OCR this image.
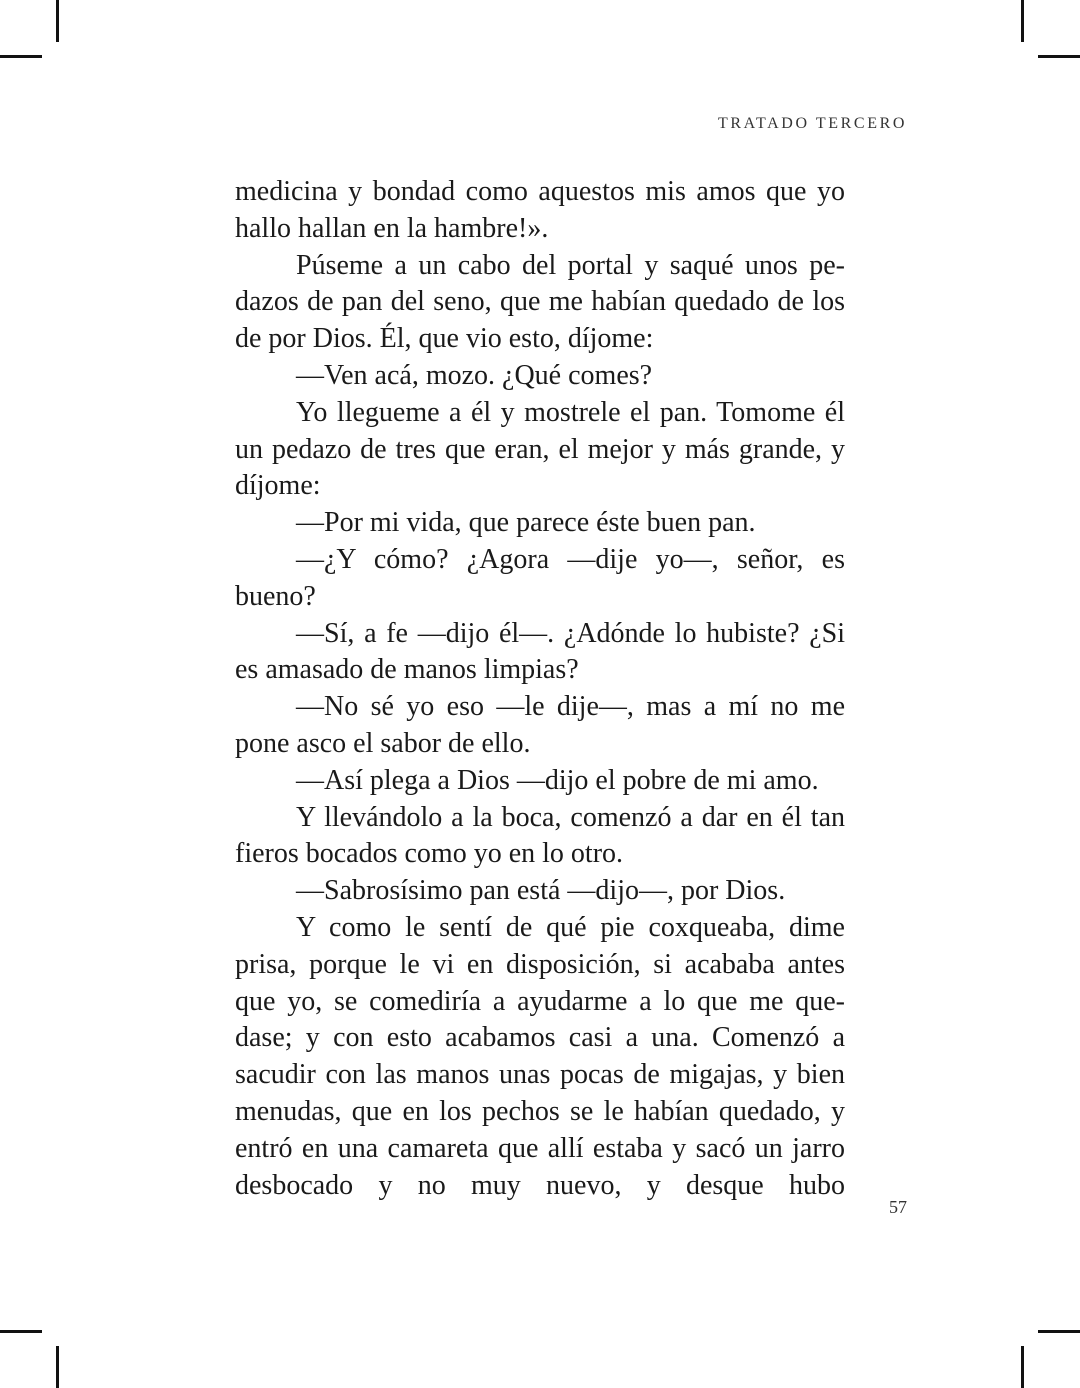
TRATADO TERCERO

medicina y bondad como aquestos mis amos que yo hallo hallan en la hambre!».

Púseme a un cabo del portal y saqué unos pedazos de pan del seno, que me habían quedado de los de por Dios. Él, que vio esto, díjome:

—Ven acá, mozo. ¿Qué comes?

Yo llegueme a él y mostrele el pan. Tomome él un pedazo de tres que eran, el mejor y más grande, y díjome:

—Por mi vida, que parece éste buen pan.

—¿Y cómo? ¿Agora —dije yo—, señor, es bueno?

—Sí, a fe —dijo él—. ¿Adónde lo hubiste? ¿Si es amasado de manos limpias?

—No sé yo eso —le dije—, mas a mí no me pone asco el sabor de ello.

—Así plega a Dios —dijo el pobre de mi amo.

Y llevándolo a la boca, comenzó a dar en él tan fieros bocados como yo en lo otro.

—Sabrosísimo pan está —dijo—, por Dios.

Y como le sentí de qué pie coxqueaba, dime prisa, porque le vi en disposición, si acababa antes que yo, se comediría a ayudarme a lo que me quedase; y con esto acabamos casi a una. Comenzó a sacudir con las manos unas pocas de migajas, y bien menudas, que en los pechos se le habían quedado, y entró en una camareta que allí estaba y sacó un jarro desbocado y no muy nuevo, y desque hubo

57
